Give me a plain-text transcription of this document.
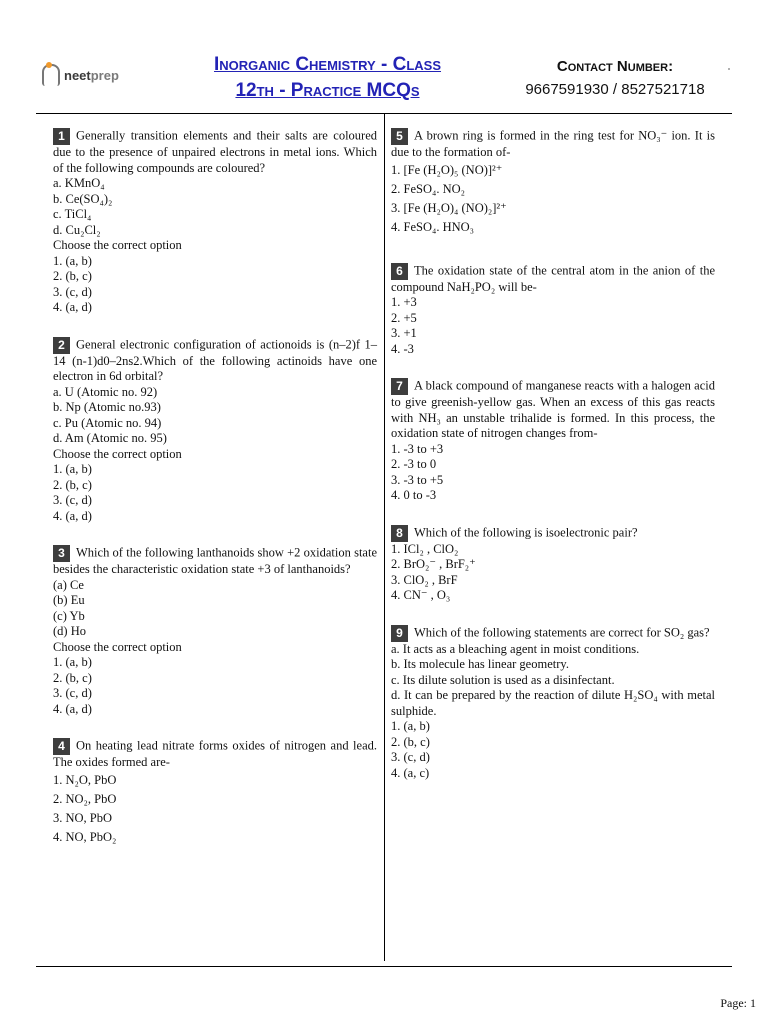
neet prep	Inorganic Chemistry - Class
12th - Practice MCQs
Contact Number:
9667591930 / 8527521718
1 Generally transition elements and their salts are coloured due to the presence of unpaired electrons in metal ions. Which of the following compounds are coloured?
a. KMnO₄
b. Ce(SO₄)₂
c. TiCl₄
d. Cu₂Cl₂
Choose the correct option
1. (a, b)
2. (b, c)
3. (c, d)
4. (a, d)
2 General electronic configuration of actionoids is (n–2)f 1–14 (n-1)d0–2ns2.Which of the following actinoids have one electron in 6d orbital?
a. U (Atomic no. 92)
b. Np (Atomic no.93)
c. Pu (Atomic no. 94)
d. Am (Atomic no. 95)
Choose the correct option
1. (a, b)
2. (b, c)
3. (c, d)
4. (a, d)
3 Which of the following lanthanoids show +2 oxidation state besides the characteristic oxidation state +3 of lanthanoids?
(a) Ce
(b) Eu
(c) Yb
(d) Ho
Choose the correct option
1. (a, b)
2. (b, c)
3. (c, d)
4. (a, d)
4 On heating lead nitrate forms oxides of nitrogen and lead. The oxides formed are-
1. N₂O, PbO
2. NO₂, PbO
3. NO, PbO
4. NO, PbO₂
5 A brown ring is formed in the ring test for NO₃⁻ ion. It is due to the formation of-
1. [Fe (H₂O)₅ (NO)]²⁺
2. FeSO₄. NO₂
3. [Fe (H₂O)₄ (NO)₂]²⁺
4. FeSO₄. HNO₃
6 The oxidation state of the central atom in the anion of the compound NaH₂PO₂ will be-
1. +3
2. +5
3. +1
4. -3
7 A black compound of manganese reacts with a halogen acid to give greenish-yellow gas. When an excess of this gas reacts with NH₃ an unstable trihalide is formed. In this process, the oxidation state of nitrogen changes from-
1. -3 to +3
2. -3 to 0
3. -3 to +5
4. 0 to -3
8 Which of the following is isoelectronic pair?
1. ICl₂ , ClO₂
2. BrO₂⁻ , BrF₂⁺
3. ClO₂ , BrF
4. CN⁻ , O₃
9 Which of the following statements are correct for SO₂ gas?
a. It acts as a bleaching agent in moist conditions.
b. Its molecule has linear geometry.
c. Its dilute solution is used as a disinfectant.
d. It can be prepared by the reaction of dilute H₂SO₄ with metal sulphide.
1. (a, b)
2. (b, c)
3. (c, d)
4. (a, c)
Page: 1
